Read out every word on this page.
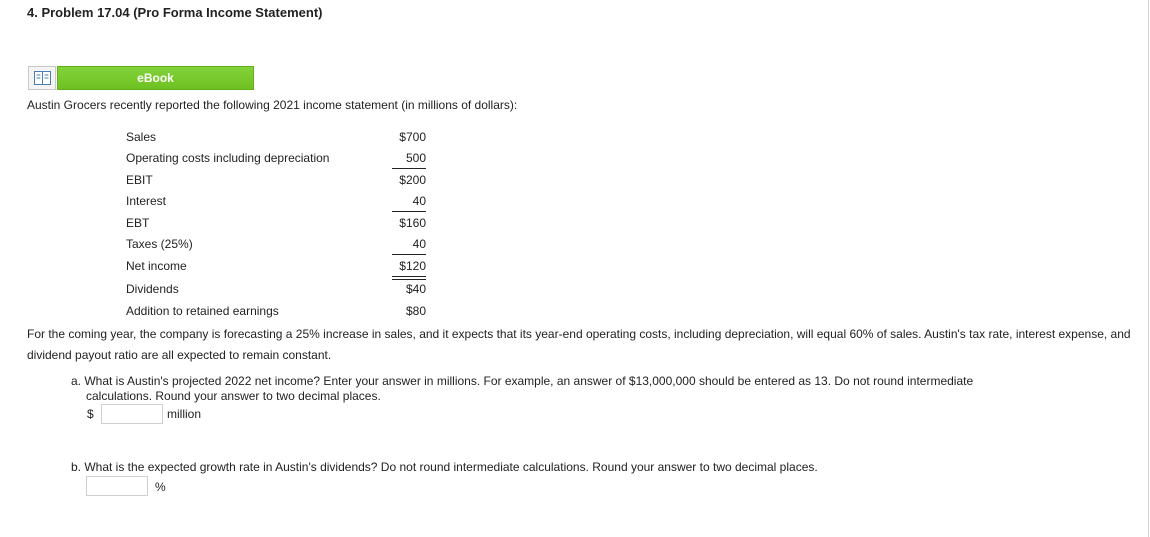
4. Problem 17.04 (Pro Forma Income Statement)
eBook
Austin Grocers recently reported the following 2021 income statement (in millions of dollars):
Sales	$700
Operating costs including depreciation	500
EBIT	$200
Interest	40
EBT	$160
Taxes (25%)	40
Net income	$120
Dividends	$40
Addition to retained earnings	$80
For the coming year, the company is forecasting a 25% increase in sales, and it expects that its year-end operating costs, including depreciation, will equal 60% of sales. Austin's tax rate, interest expense, and dividend payout ratio are all expected to remain constant.
a. What is Austin's projected 2022 net income? Enter your answer in millions. For example, an answer of $13,000,000 should be entered as 13. Do not round intermediate
calculations. Round your answer to two decimal places.
$	million
b. What is the expected growth rate in Austin's dividends? Do not round intermediate calculations. Round your answer to two decimal places.
%
